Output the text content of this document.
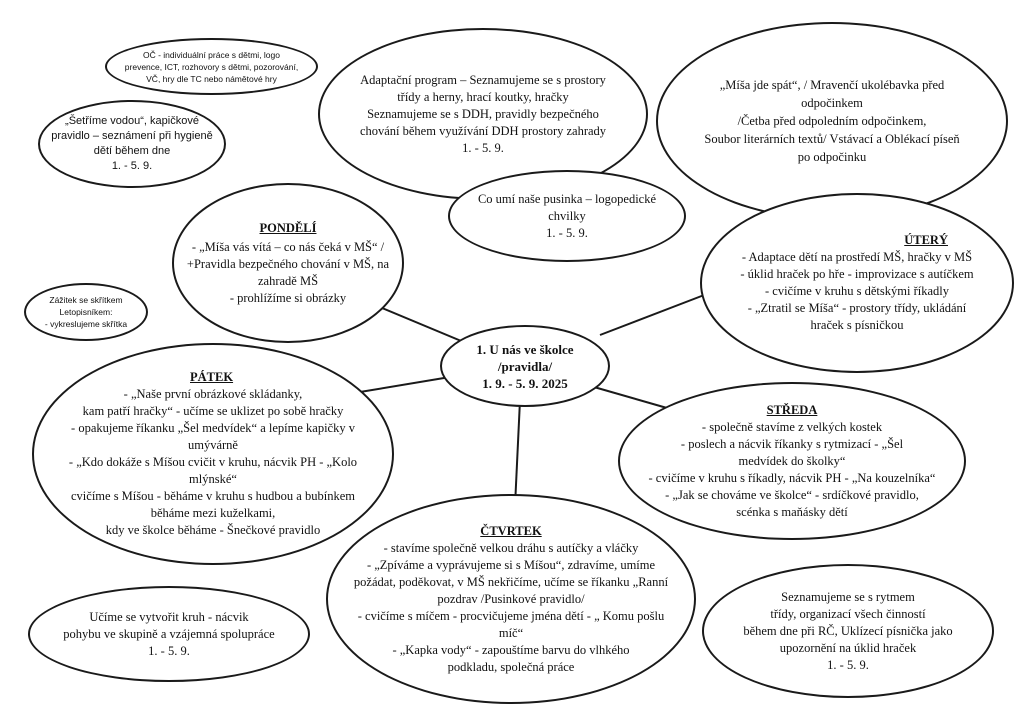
OČ - individuální práce s dětmi, logo
prevence, ICT, rozhovory s dětmi, pozorování,
VČ, hry dle TC nebo námětové hry
„Šetříme vodou“, kapičkové
pravidlo – seznámení při hygieně
dětí během dne
1. - 5. 9.
Zážitek se skřítkem
Letopisníkem:
- vykreslujeme skřítka
Adaptační program – Seznamujeme se s prostory
třídy a herny, hrací koutky, hračky
Seznamujeme se s DDH, pravidly bezpečného
chování během využívání DDH prostory zahrady
1. - 5. 9.
„Míša jde spát“, / Mravenčí ukolébavka před
odpočinkem
/Četba před odpoledním odpočinkem,
Soubor literárních textů/ Vstávací a Oblékací píseň
po odpočinku
Co umí naše pusinka – logopedické
chvilky
1. - 5. 9.
PONDĚLÍ
- „Míša vás vítá – co nás čeká v MŠ“ /
+Pravidla bezpečného chování v MŠ, na
zahradě MŠ
- prohlížíme si obrázky
ÚTERÝ
- Adaptace dětí na prostředí MŠ, hračky v MŠ
- úklid hraček po hře - improvizace s autíčkem
- cvičíme v kruhu s dětskými říkadly
- „Ztratil se Míša“ - prostory třídy, ukládání
hraček s písničkou
1. U nás ve školce
/pravidla/
1. 9. - 5. 9. 2025
PÁTEK
- „Naše první obrázkové skládanky,
kam patří hračky“ - učíme se uklizet po sobě hračky
- opakujeme říkanku „Šel medvídek“ a lepíme kapičky v
umývárně
- „Kdo dokáže s Míšou cvičit v kruhu, nácvik PH - „Kolo
mlýnské“
cvičíme s Míšou - běháme v kruhu s hudbou a bubínkem
běháme mezi kuželkami,
kdy ve školce běháme - Šnečkové pravidlo
STŘEDA
- společně stavíme z velkých kostek
- poslech a nácvik říkanky s rytmizací - „Šel
medvídek do školky“
- cvičíme v kruhu s říkadly, nácvik PH - „Na kouzelníka“
- „Jak se chováme ve školce“ - srdíčkové pravidlo,
scénka s maňásky dětí
ČTVRTEK
- stavíme společně velkou dráhu s autíčky a vláčky
- „Zpíváme a vyprávujeme si s Míšou“, zdravíme, umíme
požádat, poděkovat, v MŠ nekřičíme, učíme se říkanku „Ranní
pozdrav /Pusinkové pravidlo/
- cvičíme s míčem - procvičujeme jména dětí - „ Komu pošlu
míč“
- „Kapka vody“ - zapouštíme barvu do vlhkého
podkladu, společná práce
Učíme se vytvořit kruh - nácvik
pohybu ve skupině a vzájemná spolupráce
1. - 5. 9.
Seznamujeme se s rytmem
třídy, organizací všech činností
během dne při RČ, Uklízecí písnička jako
upozornění na úklid hraček
1. - 5. 9.
